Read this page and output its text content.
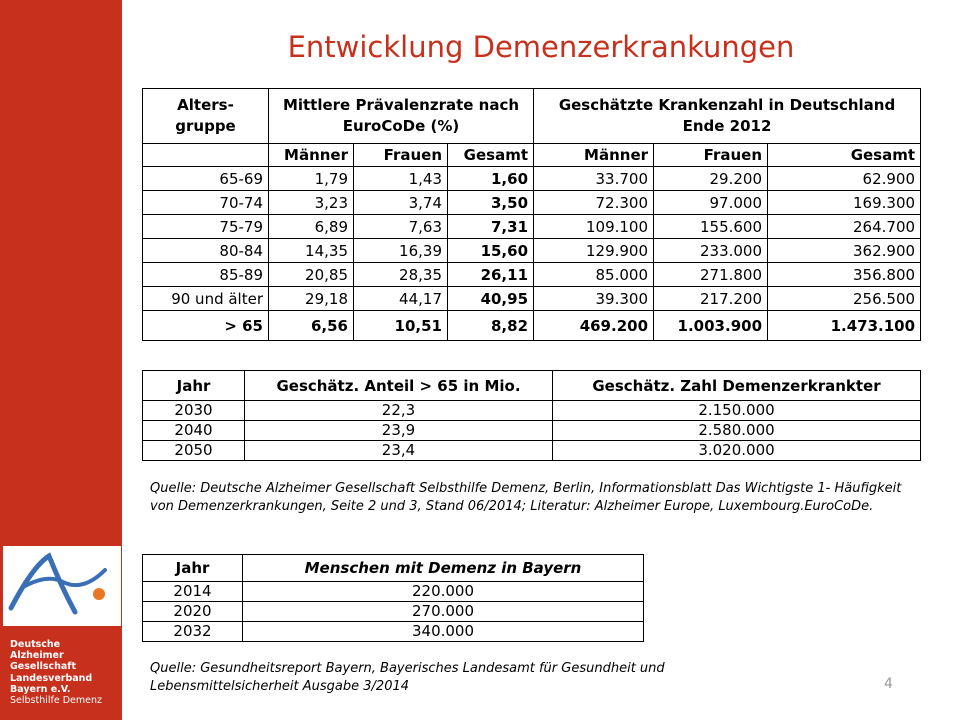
Deutsche
Alzheimer
Gesellschaft
Landesverband
Bayern e.V.
Selbsthilfe Demenz
Entwicklung Demenzerkrankungen
Alters-gruppe	Mittlere Prävalenzrate nach EuroCoDe (%)			Geschätzte Krankenzahl in Deutschland Ende 2012		
	Männer	Frauen	Gesamt	Männer	Frauen	Gesamt
65-69	1,79	1,43	1,60	33.700	29.200	62.900
70-74	3,23	3,74	3,50	72.300	97.000	169.300
75-79	6,89	7,63	7,31	109.100	155.600	264.700
80-84	14,35	16,39	15,60	129.900	233.000	362.900
85-89	20,85	28,35	26,11	85.000	271.800	356.800
90 und älter	29,18	44,17	40,95	39.300	217.200	256.500
> 65	6,56	10,51	8,82	469.200	1.003.900	1.473.100
Jahr	Geschätz. Anteil > 65 in Mio.	Geschätz. Zahl Demenzerkrankter
2030	22,3	2.150.000
2040	23,9	2.580.000
2050	23,4	3.020.000
Quelle: Deutsche Alzheimer Gesellschaft Selbsthilfe Demenz, Berlin, Informationsblatt Das Wichtigste 1- Häufigkeit von Demenzerkrankungen, Seite 2 und 3, Stand 06/2014; Literatur: Alzheimer Europe, Luxembourg.EuroCoDe.
Jahr	Menschen mit Demenz in Bayern
2014	220.000
2020	270.000
2032	340.000
Quelle: Gesundheitsreport Bayern, Bayerisches Landesamt für Gesundheit und Lebensmittelsicherheit Ausgabe 3/2014	4
